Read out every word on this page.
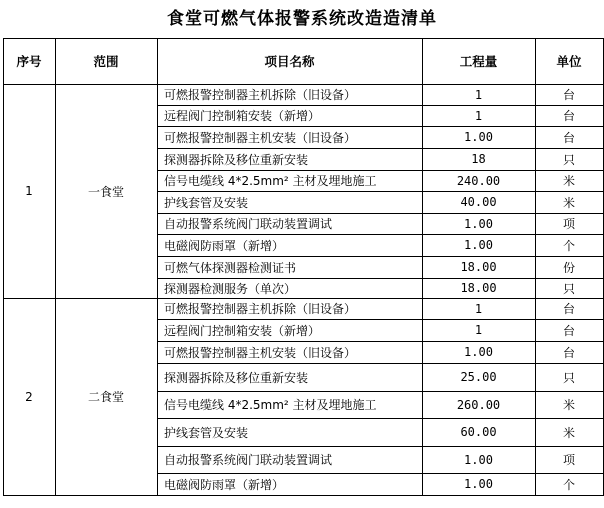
食堂可燃气体报警系统改造造清单
序号	范围	项目名称	工程量	单位
1	一食堂
可燃报警控制器主机拆除（旧设备）	1	台
远程阀门控制箱安装（新增）	1	台
可燃报警控制器主机安装（旧设备）	1.00	台
探测器拆除及移位重新安装	18	只
信号电缆线 4*2.5mm² 主材及埋地施工	240.00	米
护线套管及安装	40.00	米
自动报警系统阀门联动装置调试	1.00	项
电磁阀防雨罩（新增）	1.00	个
可燃气体探测器检测证书	18.00	份
探测器检测服务（单次）	18.00	只
2	二食堂
可燃报警控制器主机拆除（旧设备）	1	台
远程阀门控制箱安装（新增）	1	台
可燃报警控制器主机安装（旧设备）	1.00	台
探测器拆除及移位重新安装	25.00	只
信号电缆线 4*2.5mm² 主材及埋地施工	260.00	米
护线套管及安装	60.00	米
自动报警系统阀门联动装置调试	1.00	项
电磁阀防雨罩（新增）	1.00	个
